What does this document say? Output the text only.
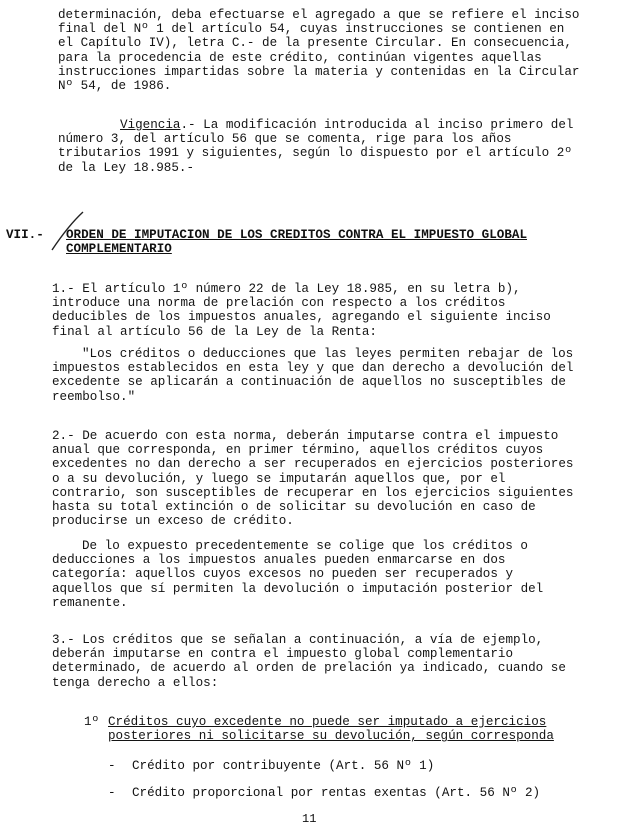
determinación, deba efectuarse el agregado a que se refiere el inciso
final del Nº 1 del artículo 54, cuyas instrucciones se contienen en
el Capítulo IV), letra C.- de la presente Circular. En consecuencia,
para la procedencia de este crédito, continúan vigentes aquellas
instrucciones impartidas sobre la materia y contenidas en la Circular
Nº 54, de 1986.
Vigencia.- La modificación introducida al inciso primero del
número 3, del artículo 56 que se comenta, rige para los años
tributarios 1991 y siguientes, según lo dispuesto por el artículo 2º
de la Ley 18.985.-
VII.- ORDEN DE IMPUTACION DE LOS CREDITOS CONTRA EL IMPUESTO GLOBAL COMPLEMENTARIO
1.- El artículo 1º número 22 de la Ley 18.985, en su letra b),
introduce una norma de prelación con respecto a los créditos
deducibles de los impuestos anuales, agregando el siguiente inciso
final al artículo 56 de la Ley de la Renta:
"Los créditos o deducciones que las leyes permiten rebajar de los
impuestos establecidos en esta ley y que dan derecho a devolución del
excedente se aplicarán a continuación de aquellos no susceptibles de
reembolso."
2.- De acuerdo con esta norma, deberán imputarse contra el impuesto
anual que corresponda, en primer término, aquellos créditos cuyos
excedentes no dan derecho a ser recuperados en ejercicios posteriores
o a su devolución, y luego se imputarán aquellos que, por el
contrario, son susceptibles de recuperar en los ejercicios siguientes
hasta su total extinción o de solicitar su devolución en caso de
producirse un exceso de crédito.
De lo expuesto precedentemente se colige que los créditos o
deducciones a los impuestos anuales pueden enmarcarse en dos
categoría: aquellos cuyos excesos no pueden ser recuperados y
aquellos que sí permiten la devolución o imputación posterior del
remanente.
3.- Los créditos que se señalan a continuación, a vía de ejemplo,
deberán imputarse en contra el impuesto global complementario
determinado, de acuerdo al orden de prelación ya indicado, cuando se
tenga derecho a ellos:
1º Créditos cuyo excedente no puede ser imputado a ejercicios
posteriores ni solicitarse su devolución, según corresponda
- Crédito por contribuyente (Art. 56 Nº 1)
- Crédito proporcional por rentas exentas (Art. 56 Nº 2)
11
